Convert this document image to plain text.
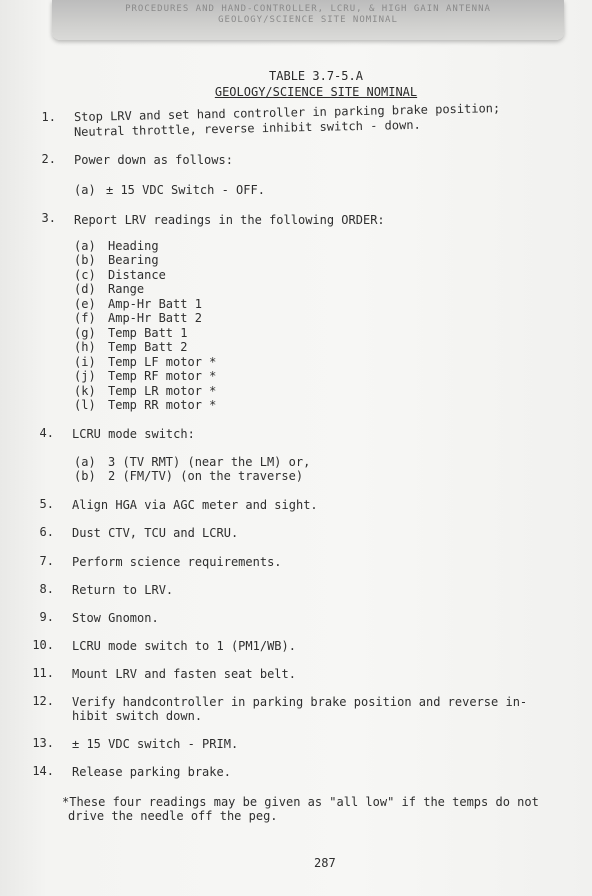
PROCEDURES AND HAND-CONTROLLER, LCRU, & HIGH GAIN ANTENNA
GEOLOGY/SCIENCE SITE NOMINAL
TABLE 3.7-5.A
GEOLOGY/SCIENCE SITE NOMINAL
1. Stop LRV and set hand controller in parking brake position;
Neutral throttle, reverse inhibit switch - down.
2. Power down as follows:
(a) ± 15 VDC Switch - OFF.
3. Report LRV readings in the following ORDER:
(a) Heading
(b) Bearing
(c) Distance
(d) Range
(e) Amp-Hr Batt 1
(f) Amp-Hr Batt 2
(g) Temp Batt 1
(h) Temp Batt 2
(i) Temp LF motor *
(j) Temp RF motor *
(k) Temp LR motor *
(l) Temp RR motor *
4. LCRU mode switch:
(a) 3 (TV RMT) (near the LM) or,
(b) 2 (FM/TV) (on the traverse)
5. Align HGA via AGC meter and sight.
6. Dust CTV, TCU and LCRU.
7. Perform science requirements.
8. Return to LRV.
9. Stow Gnomon.
10. LCRU mode switch to 1 (PM1/WB).
11. Mount LRV and fasten seat belt.
12. Verify handcontroller in parking brake position and reverse in-
hibit switch down.
13. ± 15 VDC switch - PRIM.
14. Release parking brake.
*These four readings may be given as "all low" if the temps do not
drive the needle off the peg.
287
